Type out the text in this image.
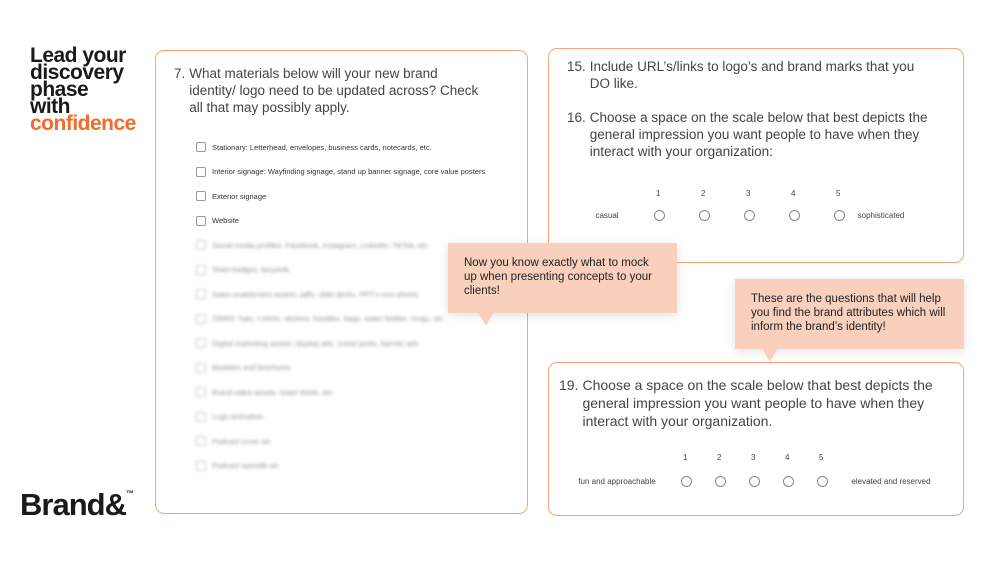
Lead your
discovery
phase
with
confidence
Brand&™
7. What materials below will your new brand identity/ logo need to be updated across? Check all that may possibly apply.
Stationary: Letterhead, envelopes, business cards, notecards, etc.
Interior signage: Wayfinding signage, stand up banner signage, core value posters
Exterior signage
Website
Social media profiles: Facebook, Instagram, LinkedIn, TikTok, etc
Team badges, lanyards
Sales enablement assets: pdfs, slide decks, PPT's one-sheets
SWAG: hats, t-shirts, stickers, hoodies, bags, water bottles, mugs, etc
Digital marketing assets: display ads, social posts, banner ads
Booklets and brochures
Brand video assets: lower thirds, etc
Logo animation
Podcast cover art
Podcast episode art
15. Include URL’s/links to logo’s and brand marks that you DO like.
16. Choose a space on the scale below that best depicts the general impression you want people to have when they interact with your organization:
casual
1	2	3	4	5
sophisticated
19. Choose a space on the scale below that best depicts the general impression you want people to have when they interact with your organization.
fun and approachable
1	2	3	4	5
elevated and reserved
Now you know exactly what to mock up when presenting concepts to your clients!
These are the questions that will help you find the brand attributes which will inform the brand’s identity!
